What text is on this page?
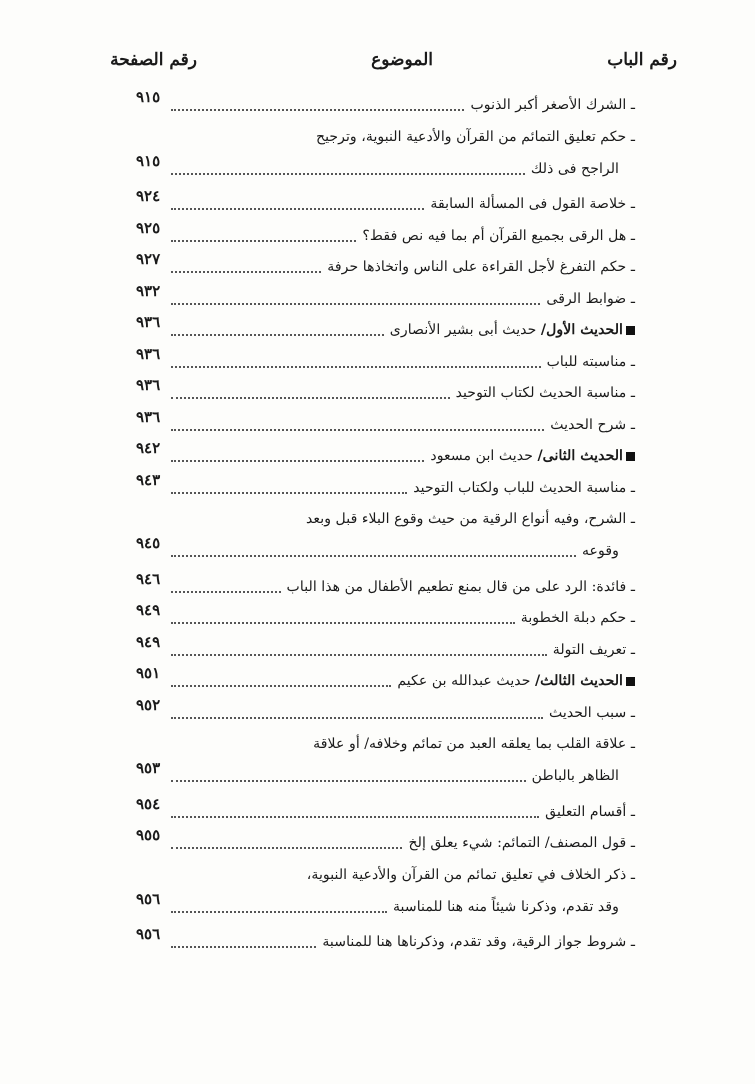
رقم الباب
الموضوع
رقم الصفحة
ـ الشرك الأصغر أكبر الذنوب
٩١٥
ـ حكم تعليق التمائم من القرآن والأدعية النبوية، وترجيح
الراجح فى ذلك
٩١٥
ـ خلاصة القول فى المسألة السابقة
٩٢٤
ـ هل الرقى بجميع القرآن أم بما فيه نص فقط؟
٩٢٥
ـ حكم التفرغ لأجل القراءة على الناس واتخاذها حرفة
٩٢٧
ـ ضوابط الرقى
٩٣٢
الحديث الأول/ حديث أبى بشير الأنصارى
٩٣٦
ـ مناسبته للباب
٩٣٦
ـ مناسبة الحديث لكتاب التوحيد
٩٣٦
ـ شرح الحديث
٩٣٦
الحديث الثانى/ حديث ابن مسعود
٩٤٢
ـ مناسبة الحديث للباب ولكتاب التوحيد
٩٤٣
ـ الشرح، وفيه أنواع الرقية من حيث وقوع البلاء قبل وبعد
وقوعه
٩٤٥
ـ فائدة: الرد على من قال بمنع تطعيم الأطفال من هذا الباب
٩٤٦
ـ حكم دبلة الخطوبة
٩٤٩
ـ تعريف التولة
٩٤٩
الحديث الثالث/ حديث عبدالله بن عكيم
٩٥١
ـ سبب الحديث
٩٥٢
ـ علاقة القلب بما يعلقه العبد من تمائم وخلافه/ أو علاقة
الظاهر بالباطن
٩٥٣
ـ أقسام التعليق
٩٥٤
ـ قول المصنف/ التمائم: شيء يعلق إلخ
٩٥٥
ـ ذكر الخلاف في تعليق تمائم من القرآن والأدعية النبوية،
وقد تقدم، وذكرنا شيئاً منه هنا للمناسبة
٩٥٦
ـ شروط جواز الرقية، وقد تقدم، وذكرناها هنا للمناسبة
٩٥٦
